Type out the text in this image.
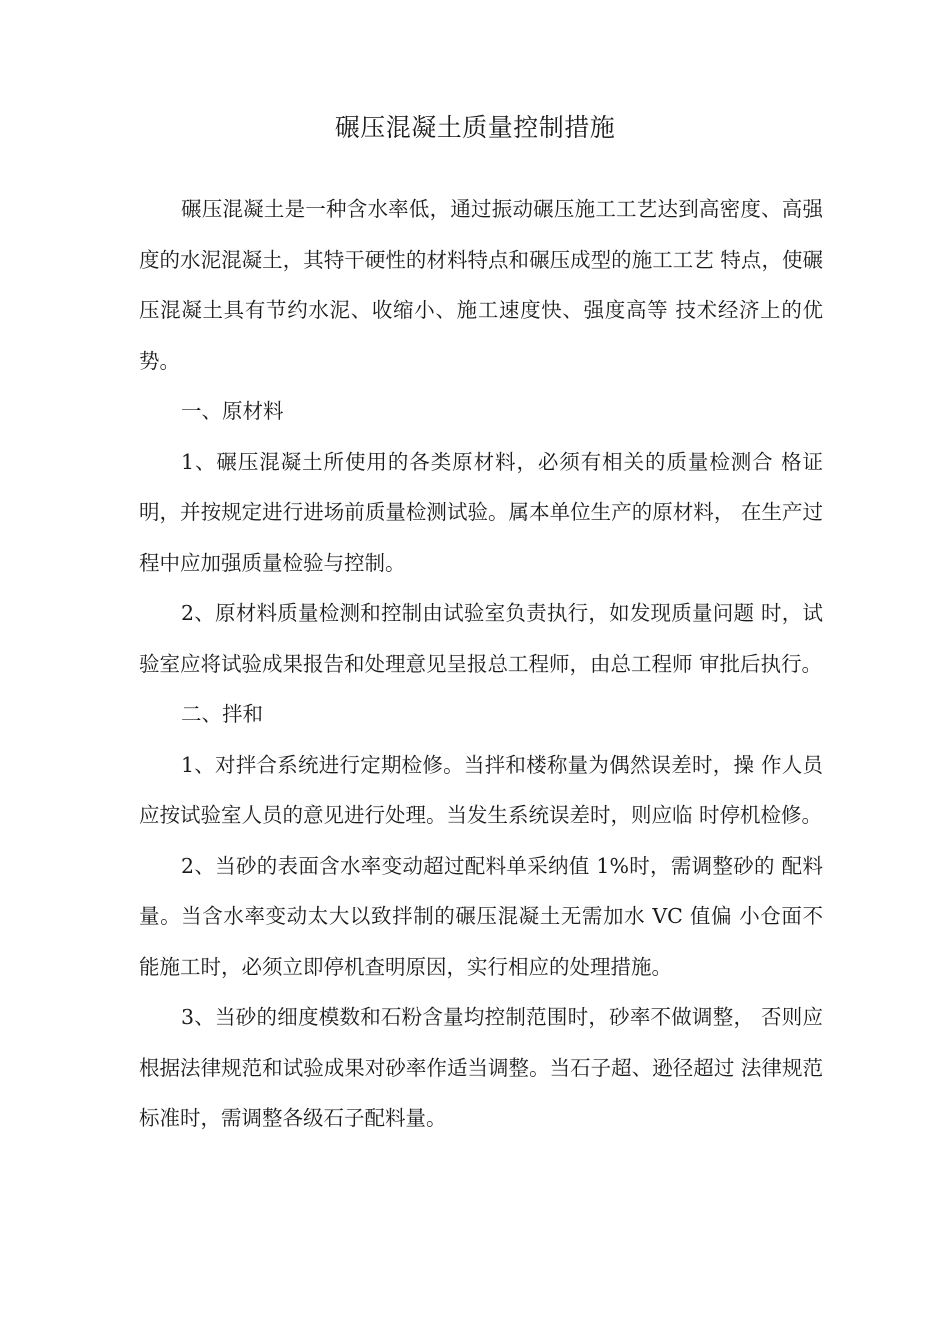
碾压混凝土质量控制措施

碾压混凝土是一种含水率低，通过振动碾压施工工艺达到高密度、高强度的水泥混凝土，其特干硬性的材料特点和碾压成型的施工工艺 特点，使碾压混凝土具有节约水泥、收缩小、施工速度快、强度高等 技术经济上的优势。

一、原材料

1、碾压混凝土所使用的各类原材料，必须有相关的质量检测合 格证明，并按规定进行进场前质量检测试验。属本单位生产的原材料， 在生产过程中应加强质量检验与控制。

2、原材料质量检测和控制由试验室负责执行，如发现质量问题 时，试验室应将试验成果报告和处理意见呈报总工程师，由总工程师 审批后执行。

二、拌和

1、对拌合系统进行定期检修。当拌和楼称量为偶然误差时，操 作人员应按试验室人员的意见进行处理。当发生系统误差时，则应临 时停机检修。

2、当砂的表面含水率变动超过配料单采纳值 1%时，需调整砂的 配料量。当含水率变动太大以致拌制的碾压混凝土无需加水 VC 值偏 小仓面不能施工时，必须立即停机查明原因，实行相应的处理措施。

3、当砂的细度模数和石粉含量均控制范围时，砂率不做调整， 否则应根据法律规范和试验成果对砂率作适当调整。当石子超、逊径超过 法律规范标准时，需调整各级石子配料量。
